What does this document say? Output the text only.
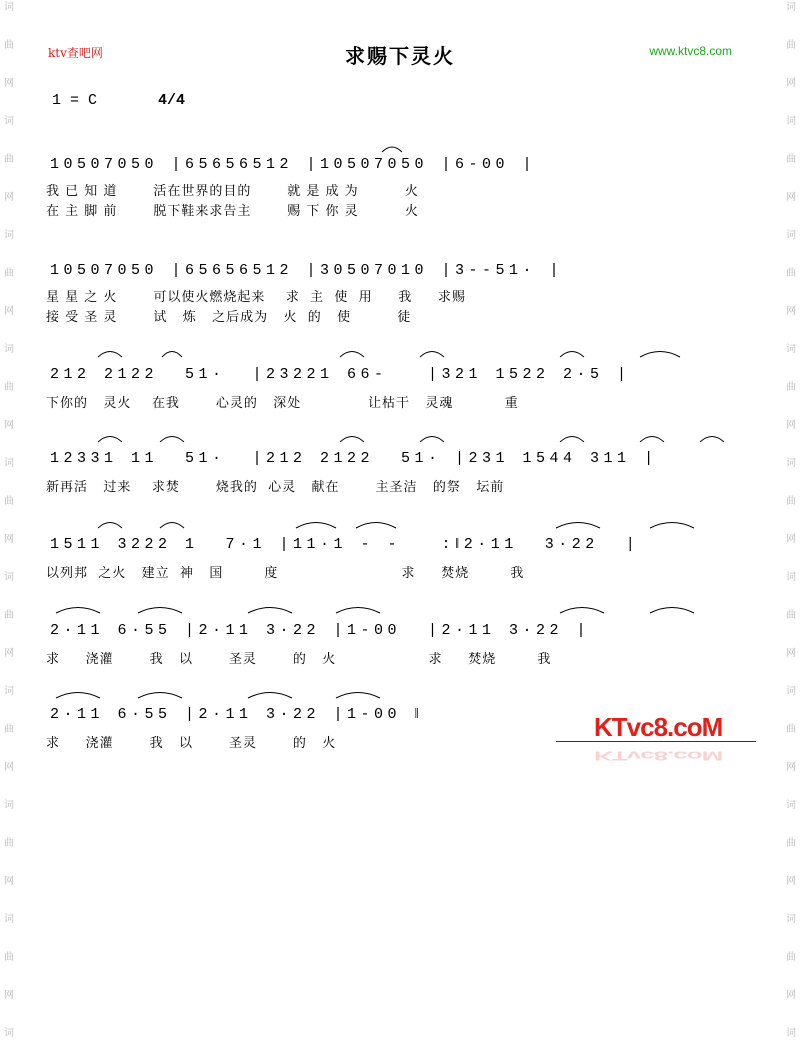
词
曲
网
词
曲
网
词
曲
网
词
曲
网
词
曲
网
词
曲
网
词
曲
网
词
曲
网
词
曲
网
词
词
曲
网
词
曲
网
词
曲
网
词
曲
网
词
曲
网
词
曲
网
词
曲
网
词
曲
网
词
曲
网
词
ktv查吧网	求赐下灵火	www.ktvc8.com
1 = C	4/4
10507050 |65656512 |10507050 |6-00 |
我 已 知 道       活在世界的目的       就 是 成 为         火
在 主 脚 前       脱下鞋来求告主       赐 下 你 灵         火
10507050 |65656512 |30507010 |3--51· |
星 星 之 火       可以使火燃烧起来    求  主  使  用     我     求赐
接 受 圣 灵       试   炼   之后成为   火  的   使         徒
212 2122  51·  |23221 66-   |321 1522 2·5 |
下你的   灵火    在我       心灵的   深处             让枯干   灵魂          重
12331 11  51·  |212 2122  51· |231 1544 311 |
新再活   过来    求焚       烧我的  心灵   献在       主圣洁   的祭   坛前
1511 3222 1  7·1 |11·1 - -   :‖2·11  3·22  |
以列邦  之火   建立  神   国        度                        求     焚烧        我
2·11 6·55 |2·11 3·22 |1-00  |2·11 3·22 |
求     浇灌       我   以       圣灵       的   火                  求     焚烧        我
2·11 6·55 |2·11 3·22 |1-00 ‖
求     浇灌       我   以       圣灵       的   火
KTvc8.coM
KTvc8.coM
